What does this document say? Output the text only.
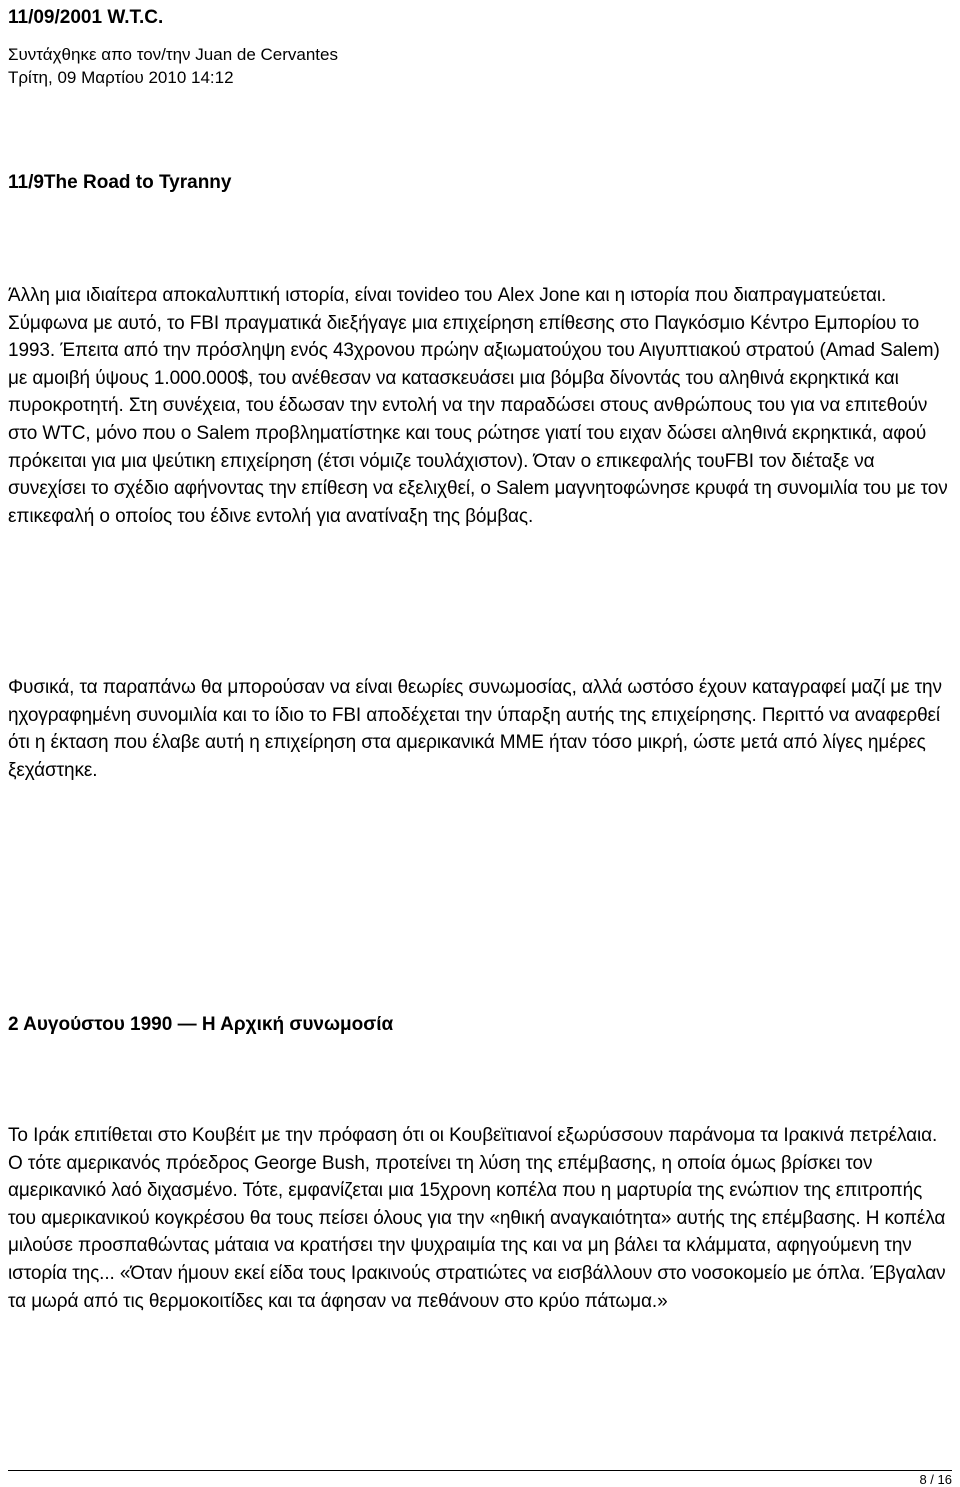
11/09/2001 W.T.C.

Συντάχθηκε απο τον/την Juan de Cervantes

Τρίτη, 09 Μαρτίου 2010 14:12

11/9The Road to Tyranny

Άλλη μια ιδιαίτερα αποκαλυπτική ιστορία, είναι τοvideo του Alex Jone και η ιστορία που διαπραγματεύεται. Σύμφωνα με αυτό, το FBI πραγματικά διεξήγαγε μια επιχείρηση επίθεσης στο Παγκόσμιο Κέντρο Εμπορίου το 1993. Έπειτα από την πρόσληψη ενός 43χρονου πρώην αξιωματούχου του Αιγυπτιακού στρατού (Amad Salem) με αμοιβή ύψους 1.000.000$, του ανέθεσαν να κατασκευάσει μια βόμβα δίνοντάς του αληθινά εκρηκτικά και πυροκροτητή. Στη συνέχεια, του έδωσαν την εντολή να την παραδώσει στους ανθρώπους του για να επιτεθούν στο WTC, μόνο που ο Salem προβληματίστηκε και τους ρώτησε γιατί του ειχαν δώσει αληθινά εκρηκτικά, αφού πρόκειται για μια ψεύτικη επιχείρηση (έτσι νόμιζε τουλάχιστον). Όταν ο επικεφαλής τουFBI τον διέταξε να συνεχίσει το σχέδιο αφήνοντας την επίθεση να εξελιχθεί, ο Salem μαγνητοφώνησε κρυφά τη συνομιλία του με τον επικεφαλή ο οποίος του έδινε εντολή για ανατίναξη της βόμβας.

Φυσικά, τα παραπάνω θα μπορούσαν να είναι θεωρίες συνωμοσίας, αλλά ωστόσο έχουν καταγραφεί μαζί με την ηχογραφημένη συνομιλία και το ίδιο το FBI αποδέχεται την ύπαρξη αυτής της επιχείρησης. Περιττό να αναφερθεί ότι η έκταση που έλαβε αυτή η επιχείρηση στα αμερικανικά ΜΜΕ ήταν τόσο μικρή, ώστε μετά από λίγες ημέρες ξεχάστηκε.

2 Αυγούστου 1990 — Η Αρχική συνωμοσία

Το Ιράκ επιτίθεται στο Κουβέιτ με την πρόφαση ότι οι Κουβεϊτιανοί εξωρύσσουν παράνομα τα Ιρακινά πετρέλαια. Ο τότε αμερικανός πρόεδρος George Bush, προτείνει τη λύση της επέμβασης, η οποία όμως βρίσκει τον αμερικανικό λαό διχασμένο. Τότε, εμφανίζεται μια 15χρονη κοπέλα που η μαρτυρία της ενώπιον της επιτροπής του αμερικανικού κογκρέσου θα τους πείσει όλους για την «ηθική αναγκαιότητα» αυτής της επέμβασης. Η κοπέλα μιλούσε προσπαθώντας μάταια να κρατήσει την ψυχραιμία της και να μη βάλει τα κλάμματα, αφηγούμενη την ιστορία της... «Όταν ήμουν εκεί είδα τους Ιρακινούς στρατιώτες να εισβάλλουν στο νοσοκομείο με όπλα. Έβγαλαν τα μωρά από τις θερμοκοιτίδες και τα άφησαν να πεθάνουν στο κρύο πάτωμα.»

8 / 16
